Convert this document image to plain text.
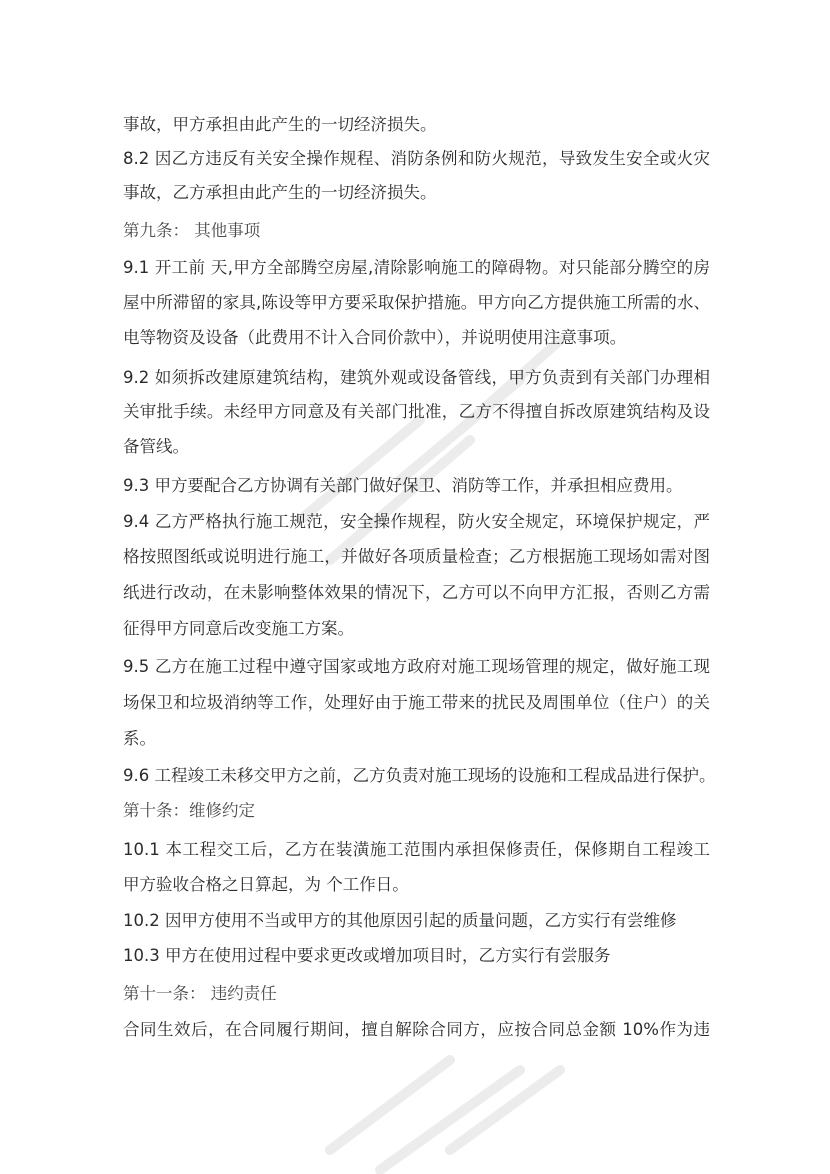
事故，甲方承担由此产生的一切经济损失。
8.2 因乙方违反有关安全操作规程、消防条例和防火规范，导致发生安全或火灾
事故，乙方承担由此产生的一切经济损失。
第九条： 其他事项
9.1 开工前 天,甲方全部腾空房屋,清除影响施工的障碍物。对只能部分腾空的房
屋中所滞留的家具,陈设等甲方要采取保护措施。甲方向乙方提供施工所需的水、
电等物资及设备（此费用不计入合同价款中），并说明使用注意事项。
9.2 如须拆改建原建筑结构，建筑外观或设备管线，甲方负责到有关部门办理相
关审批手续。未经甲方同意及有关部门批准，乙方不得擅自拆改原建筑结构及设
备管线。
9.3 甲方要配合乙方协调有关部门做好保卫、消防等工作，并承担相应费用。
9.4 乙方严格执行施工规范，安全操作规程，防火安全规定，环境保护规定，严
格按照图纸或说明进行施工，并做好各项质量检查；乙方根据施工现场如需对图
纸进行改动，在未影响整体效果的情况下，乙方可以不向甲方汇报，否则乙方需
征得甲方同意后改变施工方案。
9.5 乙方在施工过程中遵守国家或地方政府对施工现场管理的规定，做好施工现
场保卫和垃圾消纳等工作，处理好由于施工带来的扰民及周围单位（住户）的关
系。
9.6 工程竣工未移交甲方之前，乙方负责对施工现场的设施和工程成品进行保护。
第十条：维修约定
10.1 本工程交工后，乙方在装潢施工范围内承担保修责任，保修期自工程竣工
甲方验收合格之日算起，为 个工作日。
10.2 因甲方使用不当或甲方的其他原因引起的质量问题，乙方实行有尝维修
10.3 甲方在使用过程中要求更改或增加项目时，乙方实行有尝服务
第十一条： 违约责任
合同生效后，在合同履行期间，擅自解除合同方，应按合同总金额 10%作为违
